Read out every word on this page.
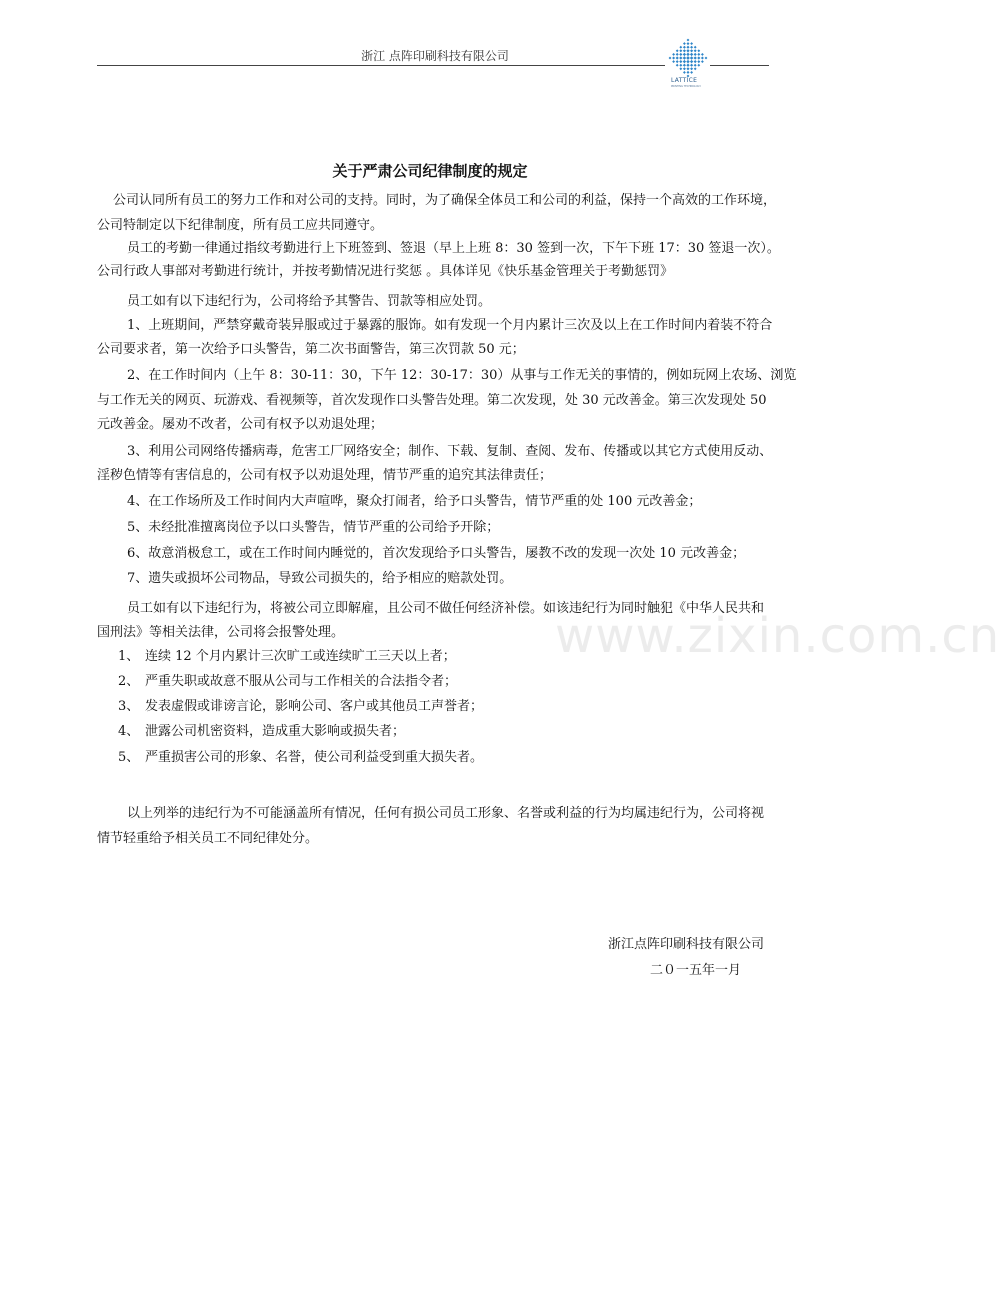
浙江 点阵印刷科技有限公司
LATTICE
PRINTING TECHNOLOGY
关于严肃公司纪律制度的规定
公司认同所有员工的努力工作和对公司的支持。同时，为了确保全体员工和公司的利益，保持一个高效的工作环境，
公司特制定以下纪律制度，所有员工应共同遵守。
员工的考勤一律通过指纹考勤进行上下班签到、签退（早上上班 8：30 签到一次，下午下班 17：30 签退一次）。
公司行政人事部对考勤进行统计，并按考勤情况进行奖惩 。具体详见《快乐基金管理关于考勤惩罚》
员工如有以下违纪行为，公司将给予其警告、罚款等相应处罚。
1、上班期间，严禁穿戴奇装异服或过于暴露的服饰。如有发现一个月内累计三次及以上在工作时间内着装不符合
公司要求者，第一次给予口头警告，第二次书面警告，第三次罚款 50 元；
2、在工作时间内（上午 8：30-11：30，下午 12：30-17：30）从事与工作无关的事情的，例如玩网上农场、浏览
与工作无关的网页、玩游戏、看视频等，首次发现作口头警告处理。第二次发现，处 30 元改善金。第三次发现处 50
元改善金。屡劝不改者，公司有权予以劝退处理；
3、利用公司网络传播病毒，危害工厂网络安全；制作、下载、复制、查阅、发布、传播或以其它方式使用反动、
淫秽色情等有害信息的，公司有权予以劝退处理，情节严重的追究其法律责任；
4、在工作场所及工作时间内大声喧哗，聚众打闹者，给予口头警告，情节严重的处 100 元改善金；
5、未经批准擅离岗位予以口头警告，情节严重的公司给予开除；
6、故意消极怠工，或在工作时间内睡觉的，首次发现给予口头警告，屡教不改的发现一次处 10 元改善金；
7、遗失或损坏公司物品，导致公司损失的，给予相应的赔款处罚。
www.zixin.com.cn
员工如有以下违纪行为，将被公司立即解雇，且公司不做任何经济补偿。如该违纪行为同时触犯《中华人民共和
国刑法》等相关法律，公司将会报警处理。
1、 连续 12 个月内累计三次旷工或连续旷工三天以上者；
2、 严重失职或故意不服从公司与工作相关的合法指令者；
3、 发表虚假或诽谤言论，影响公司、客户或其他员工声誉者；
4、 泄露公司机密资料，造成重大影响或损失者；
5、 严重损害公司的形象、名誉，使公司利益受到重大损失者。
以上列举的违纪行为不可能涵盖所有情况，任何有损公司员工形象、名誉或利益的行为均属违纪行为，公司将视
情节轻重给予相关员工不同纪律处分。
浙江点阵印刷科技有限公司
二０一五年一月
